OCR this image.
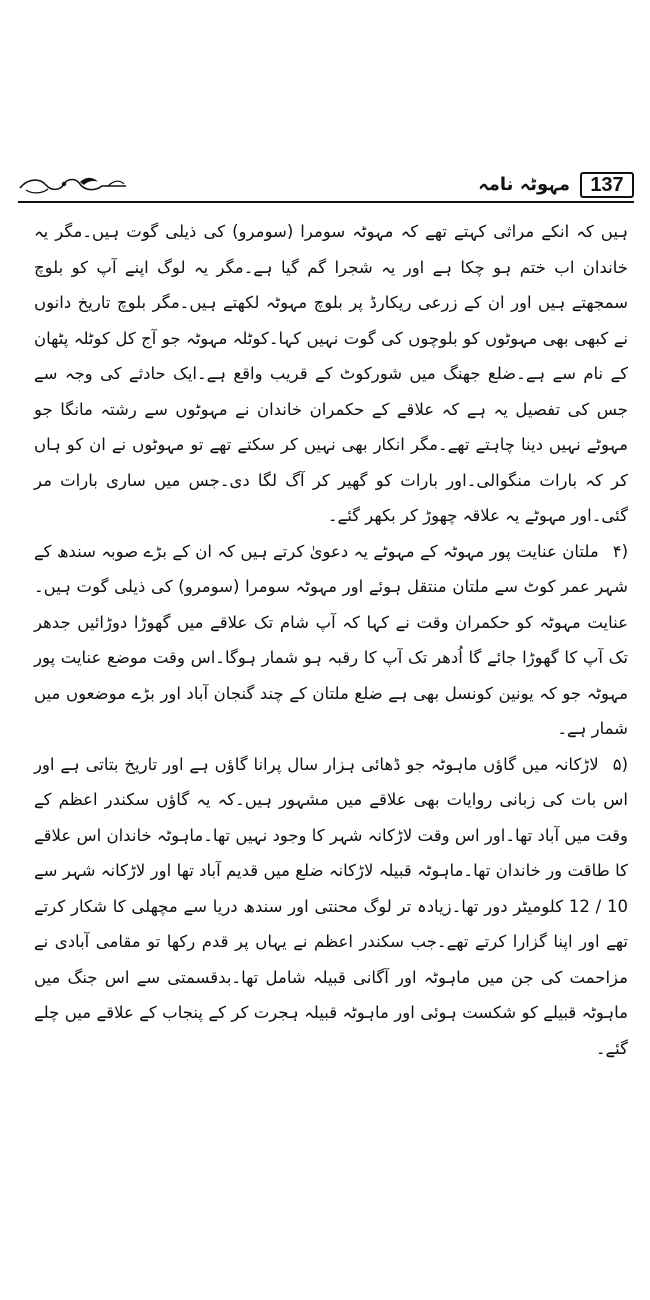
مہوٹہ نامہ	137

ہیں کہ انکے مراثی کہتے تھے کہ مہوٹہ سومرا (سومرو) کی ذیلی گوت ہیں۔مگر یہ خاندان اب ختم ہو چکا ہے اور یہ شجرا گم گیا ہے۔مگر یہ لوگ اپنے آپ کو بلوچ سمجھتے ہیں اور ان کے زرعی ریکارڈ پر بلوچ مہوٹہ لکھتے ہیں۔مگر بلوچ تاریخ دانوں نے کبھی بھی مہوٹوں کو بلوچوں کی گوت نہیں کہا۔کوٹلہ مہوٹہ جو آج کل کوٹلہ پٹھان کے نام سے ہے۔ضلع جھنگ میں شورکوٹ کے قریب واقع ہے۔ایک حادثے کی وجہ سے جس کی تفصیل یہ ہے کہ علاقے کے حکمران خاندان نے مہوٹوں سے رشتہ مانگا جو مہوٹے نہیں دینا چاہتے تھے۔مگر انکار بھی نہیں کر سکتے تھے تو مہوٹوں نے ان کو ہاں کر کہ بارات منگوالی۔اور بارات کو گھیر کر آگ لگا دی۔جس میں ساری بارات مر گئی۔اور مہوٹے یہ علاقہ چھوڑ کر بکھر گئے۔

(۴ملتان عنایت پور مہوٹہ کے مہوٹے یہ دعویٰ کرتے ہیں کہ ان کے بڑے صوبہ سندھ کے شہر عمر کوٹ سے ملتان منتقل ہوئے اور مہوٹہ سومرا (سومرو) کی ذیلی گوت ہیں۔عنایت مہوٹہ کو حکمران وقت نے کہا کہ آپ شام تک علاقے میں گھوڑا دوڑائیں جدھر تک آپ کا گھوڑا جائے گا اُدھر تک آپ کا رقبہ ہو شمار ہوگا۔اس وقت موضع عنایت پور مہوٹہ جو کہ یونین کونسل بھی ہے ضلع ملتان کے چند گنجان آباد اور بڑے موضعوں میں شمار ہے۔

(۵لاڑکانہ میں گاؤں ماہوٹہ جو ڈھائی ہزار سال پرانا گاؤں ہے اور تاریخ بتاتی ہے اور اس بات کی زبانی روایات بھی علاقے میں مشہور ہیں۔کہ یہ گاؤں سکندر اعظم کے وقت میں آباد تھا۔اور اس وقت لاڑکانہ شہر کا وجود نہیں تھا۔ماہوٹہ خاندان اس علاقے کا طاقت ور خاندان تھا۔ماہوٹہ قبیلہ لاڑکانہ ضلع میں قدیم آباد تھا اور لاڑکانہ شہر سے 10 / 12 کلومیٹر دور تھا۔زیادہ تر لوگ محنتی اور سندھ دریا سے مچھلی کا شکار کرتے تھے اور اپنا گزارا کرتے تھے۔جب سکندر اعظم نے یہاں پر قدم رکھا تو مقامی آبادی نے مزاحمت کی جن میں ماہوٹہ اور آگانی قبیلہ شامل تھا۔بدقسمتی سے اس جنگ میں ماہوٹہ قبیلے کو شکست ہوئی اور ماہوٹہ قبیلہ ہجرت کر کے پنجاب کے علاقے میں چلے گئے۔
